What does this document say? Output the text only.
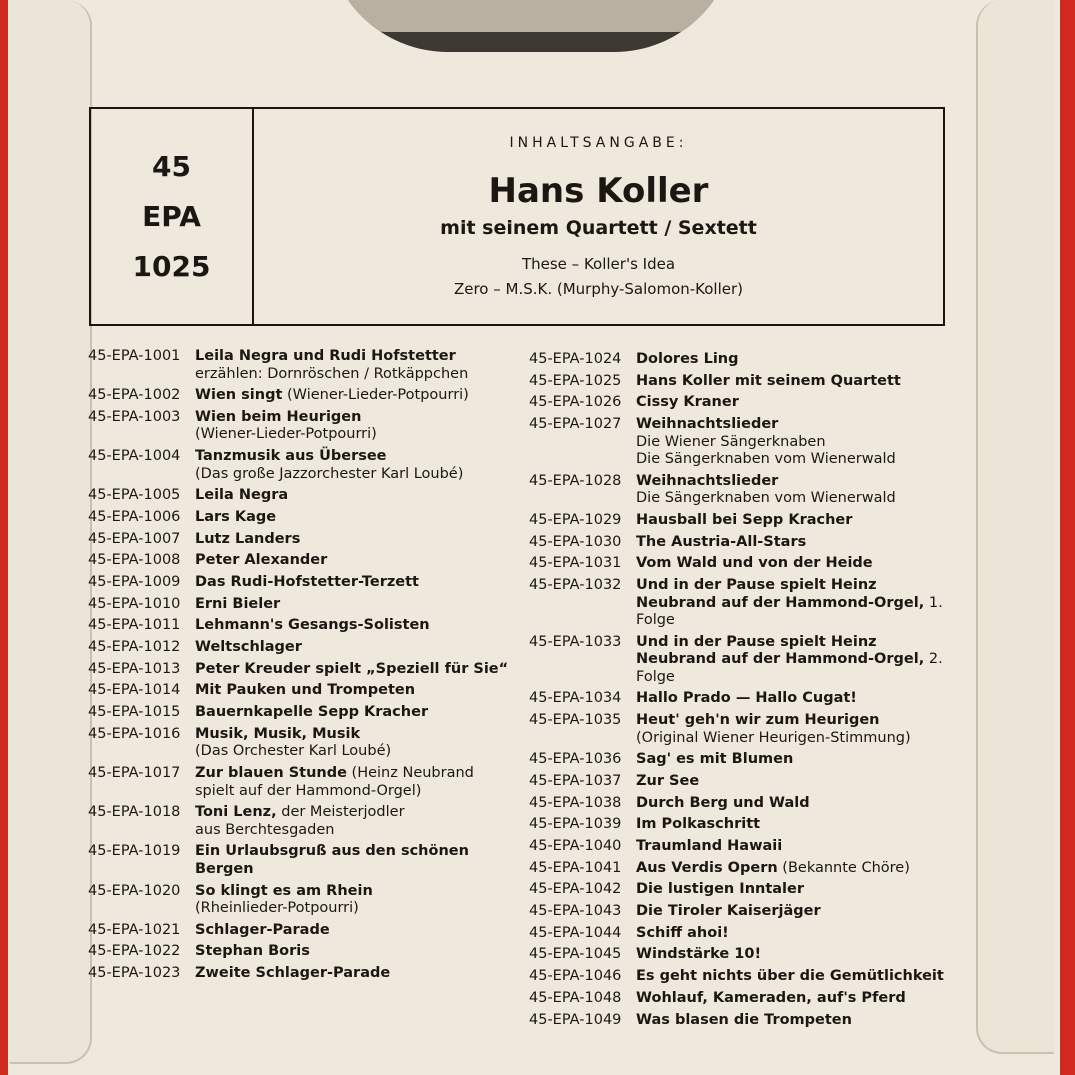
45
EPA
1025
INHALTSANGABE:
Hans Koller
mit seinem Quartett / Sextett
These – Koller's Idea
Zero – M.S.K. (Murphy-Salomon-Koller)
45-EPA-1001	Leila Negra und Rudi Hofstetter
erzählen: Dornröschen / Rotkäppchen
45-EPA-1002	Wien singt (Wiener-Lieder-Potpourri)
45-EPA-1003	Wien beim Heurigen
(Wiener-Lieder-Potpourri)
45-EPA-1004	Tanzmusik aus Übersee
(Das große Jazzorchester Karl Loubé)
45-EPA-1005	Leila Negra
45-EPA-1006	Lars Kage
45-EPA-1007	Lutz Landers
45-EPA-1008	Peter Alexander
45-EPA-1009	Das Rudi-Hofstetter-Terzett
45-EPA-1010	Erni Bieler
45-EPA-1011	Lehmann's Gesangs-Solisten
45-EPA-1012	Weltschlager
45-EPA-1013	Peter Kreuder spielt „Speziell für Sie“
45-EPA-1014	Mit Pauken und Trompeten
45-EPA-1015	Bauernkapelle Sepp Kracher
45-EPA-1016	Musik, Musik, Musik
(Das Orchester Karl Loubé)
45-EPA-1017	Zur blauen Stunde (Heinz Neubrand
spielt auf der Hammond-Orgel)
45-EPA-1018	Toni Lenz, der Meisterjodler
aus Berchtesgaden
45-EPA-1019	Ein Urlaubsgruß aus den schönen Bergen
45-EPA-1020	So klingt es am Rhein
(Rheinlieder-Potpourri)
45-EPA-1021	Schlager-Parade
45-EPA-1022	Stephan Boris
45-EPA-1023	Zweite Schlager-Parade
45-EPA-1024	Dolores Ling
45-EPA-1025	Hans Koller mit seinem Quartett
45-EPA-1026	Cissy Kraner
45-EPA-1027	Weihnachtslieder
Die Wiener Sängerknaben
Die Sängerknaben vom Wienerwald
45-EPA-1028	Weihnachtslieder
Die Sängerknaben vom Wienerwald
45-EPA-1029	Hausball bei Sepp Kracher
45-EPA-1030	The Austria-All-Stars
45-EPA-1031	Vom Wald und von der Heide
45-EPA-1032	Und in der Pause spielt Heinz Neubrand auf der Hammond-Orgel, 1. Folge
45-EPA-1033	Und in der Pause spielt Heinz Neubrand auf der Hammond-Orgel, 2. Folge
45-EPA-1034	Hallo Prado — Hallo Cugat!
45-EPA-1035	Heut' geh'n wir zum Heurigen
(Original Wiener Heurigen-Stimmung)
45-EPA-1036	Sag' es mit Blumen
45-EPA-1037	Zur See
45-EPA-1038	Durch Berg und Wald
45-EPA-1039	Im Polkaschritt
45-EPA-1040	Traumland Hawaii
45-EPA-1041	Aus Verdis Opern (Bekannte Chöre)
45-EPA-1042	Die lustigen Inntaler
45-EPA-1043	Die Tiroler Kaiserjäger
45-EPA-1044	Schiff ahoi!
45-EPA-1045	Windstärke 10!
45-EPA-1046	Es geht nichts über die Gemütlichkeit
45-EPA-1048	Wohlauf, Kameraden, auf's Pferd
45-EPA-1049	Was blasen die Trompeten
